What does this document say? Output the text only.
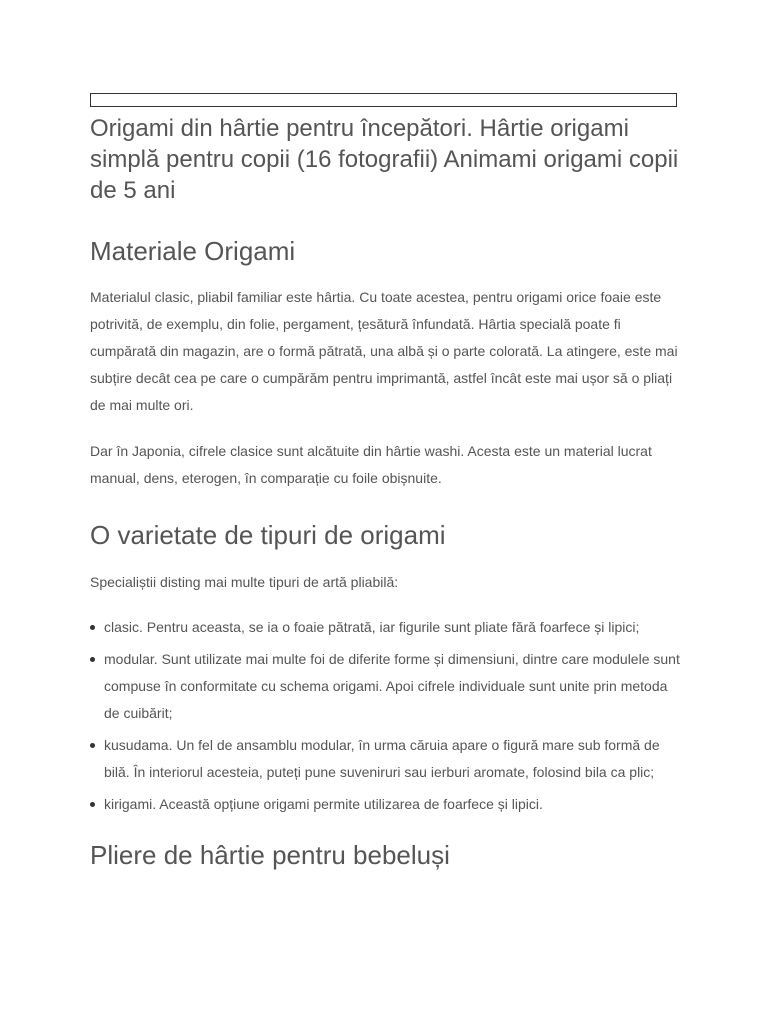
Origami din hârtie pentru începători. Hârtie origami simplă pentru copii (16 fotografii) Animami origami copii de 5 ani
Materiale Origami

Materialul clasic, pliabil familiar este hârtia. Cu toate acestea, pentru origami orice foaie este potrivită, de exemplu, din folie, pergament, țesătură înfundată. Hârtia specială poate fi cumpărată din magazin, are o formă pătrată, una albă și o parte colorată. La atingere, este mai subțire decât cea pe care o cumpărăm pentru imprimantă, astfel încât este mai ușor să o pliați de mai multe ori.

Dar în Japonia, cifrele clasice sunt alcătuite din hârtie washi. Acesta este un material lucrat manual, dens, eterogen, în comparație cu foile obișnuite.

O varietate de tipuri de origami

Specialiștii disting mai multe tipuri de artă pliabilă:

clasic. Pentru aceasta, se ia o foaie pătrată, iar figurile sunt pliate fără foarfece și lipici;
modular. Sunt utilizate mai multe foi de diferite forme și dimensiuni, dintre care modulele sunt compuse în conformitate cu schema origami. Apoi cifrele individuale sunt unite prin metoda de cuibărit;
kusudama. Un fel de ansamblu modular, în urma căruia apare o figură mare sub formă de bilă. În interiorul acesteia, puteți pune suveniruri sau ierburi aromate, folosind bila ca plic;
kirigami. Această opțiune origami permite utilizarea de foarfece și lipici.
Pliere de hârtie pentru bebeluși
